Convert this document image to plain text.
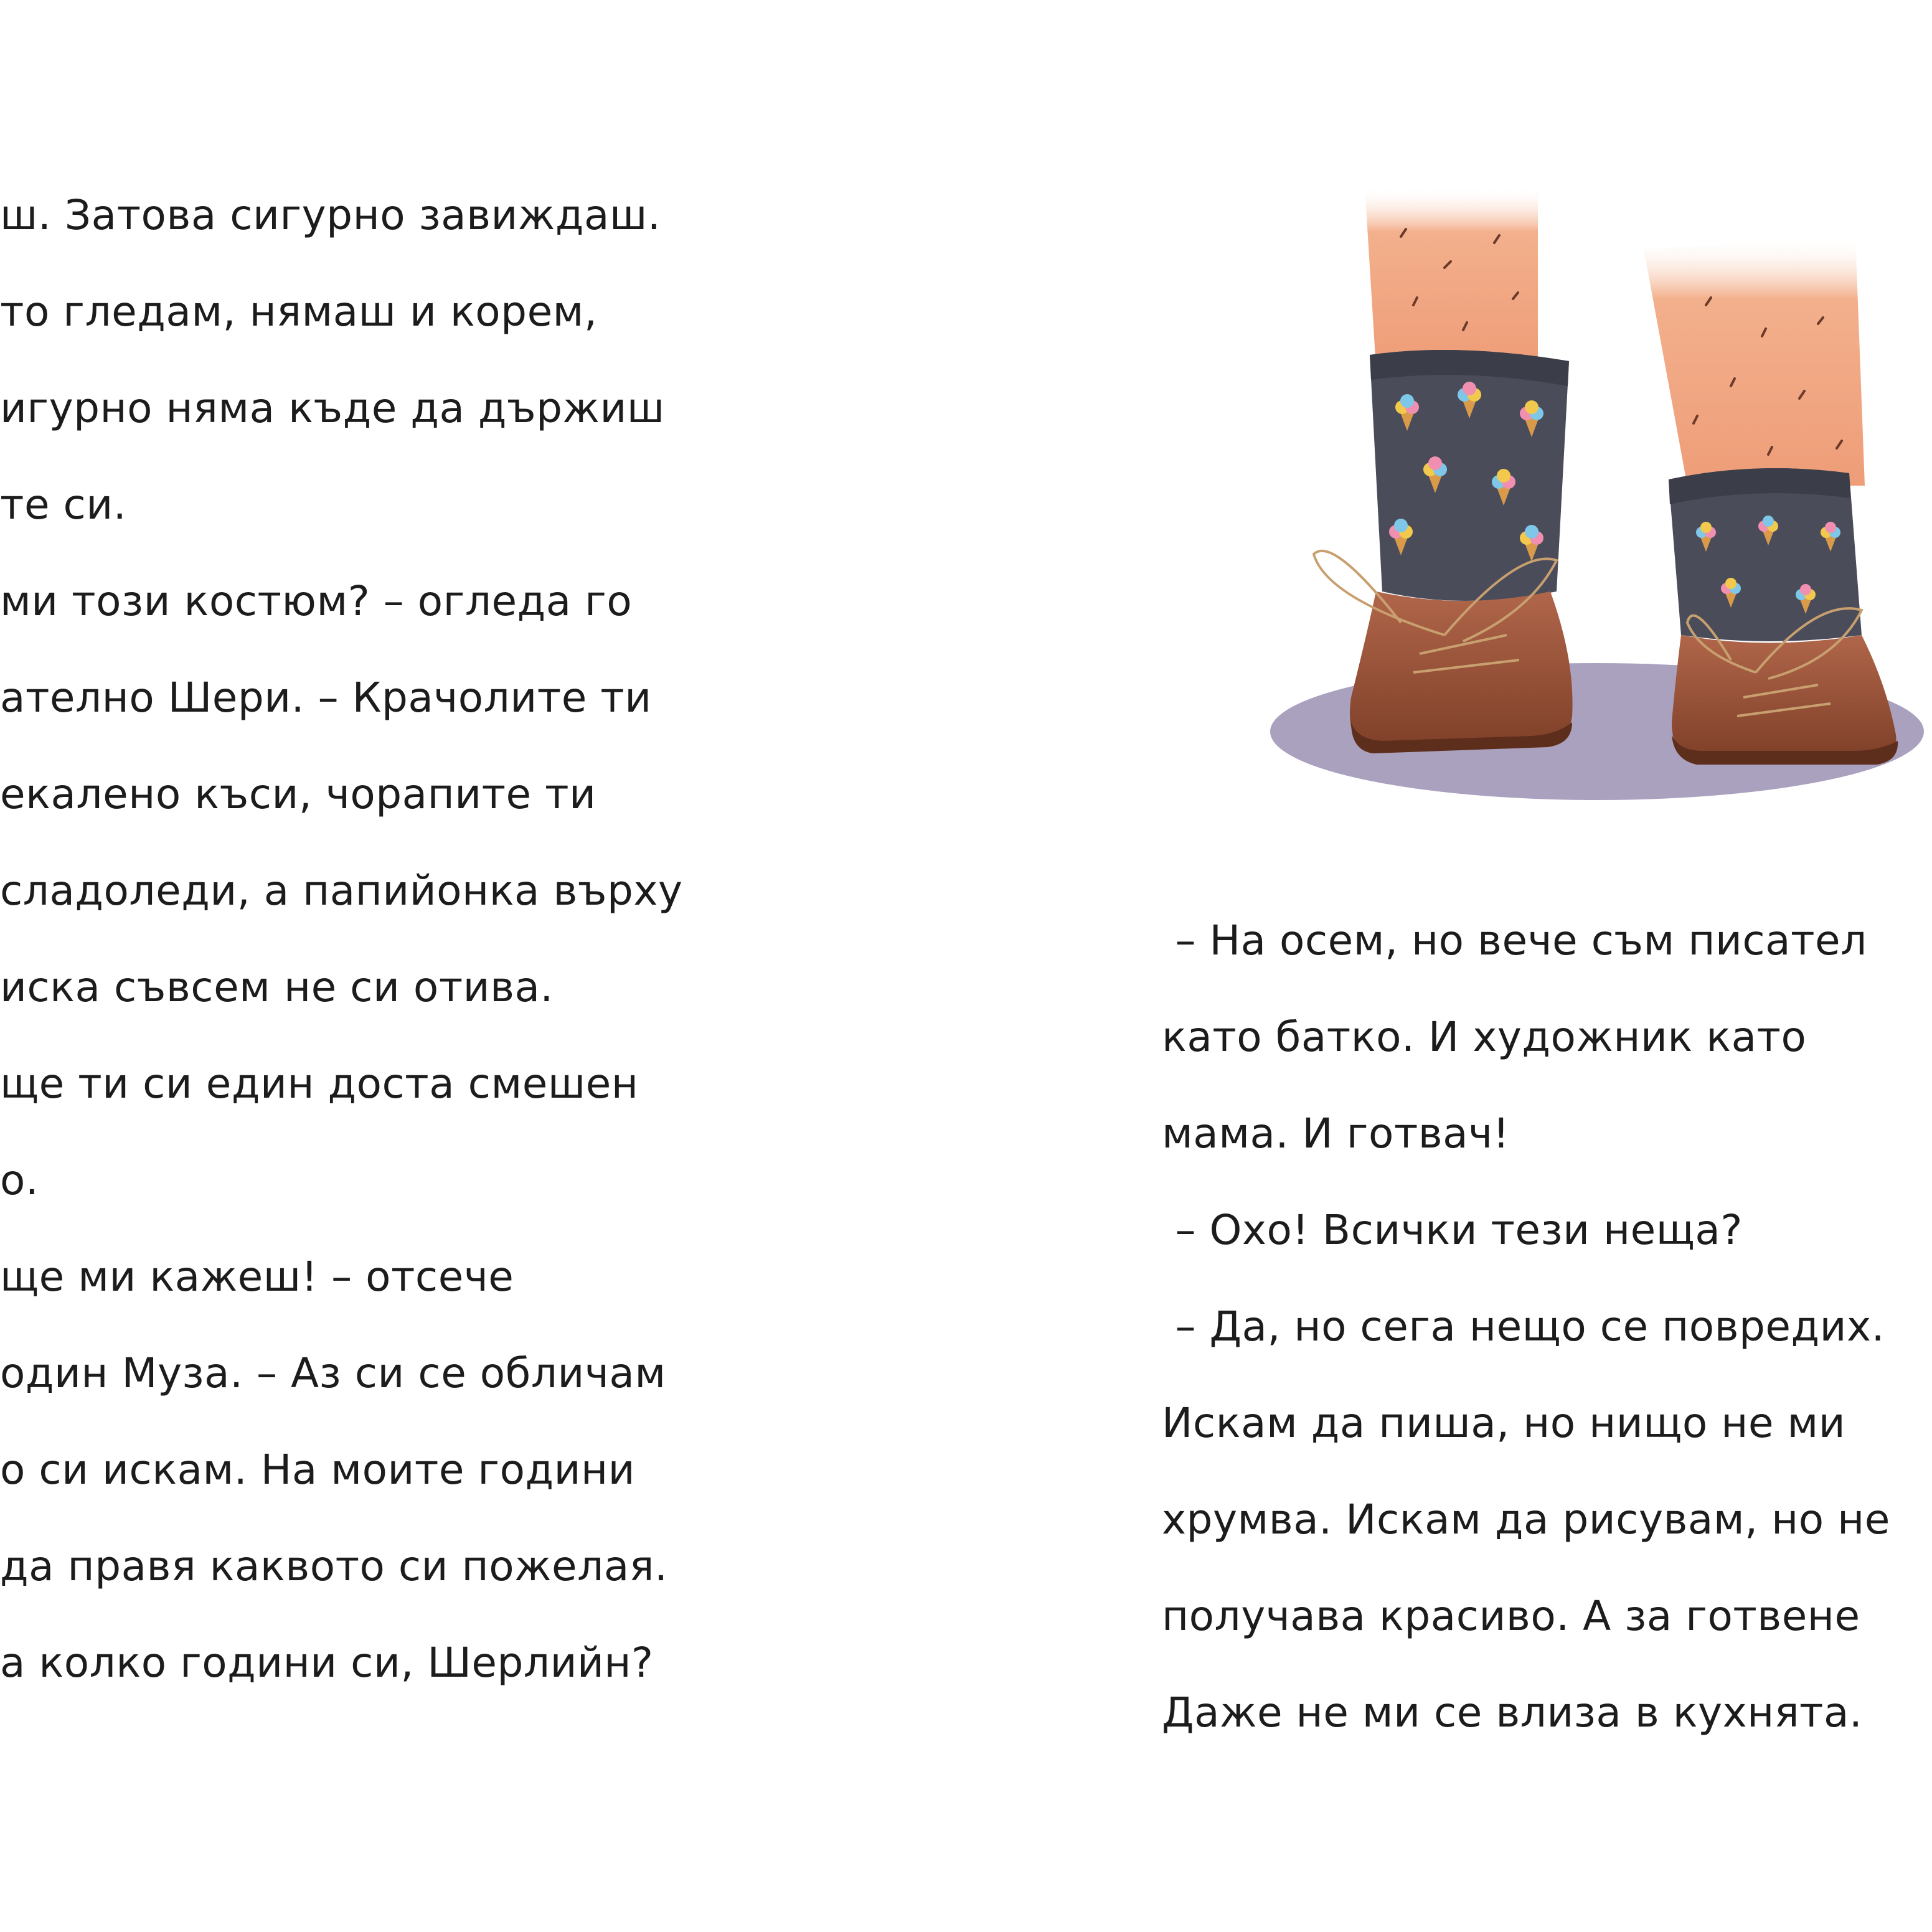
ш. Затова сигурно завиждаш.
то гледам, нямаш и корем,
игурно няма къде да държиш
те си.
ми този костюм? – огледа го
ателно Шери. – Крачолите ти
екалено къси, чорапите ти
сладоледи, а папийонка върху
иска съвсем не си отива.
ще ти си един доста смешен
о.
ще ми кажеш! – отсече
один Муза. – Аз си се обличам
о си искам. На моите години
да правя каквото си пожелая.
а колко години си, Шерлийн?
– На осем, но вече съм писател
като батко. И художник като
мама. И готвач!
– Охо! Всички тези неща?
– Да, но сега нещо се повредих.
Искам да пиша, но нищо не ми
хрумва. Искам да рисувам, но не
получава красиво. А за готвене
Даже не ми се влиза в кухнята.
